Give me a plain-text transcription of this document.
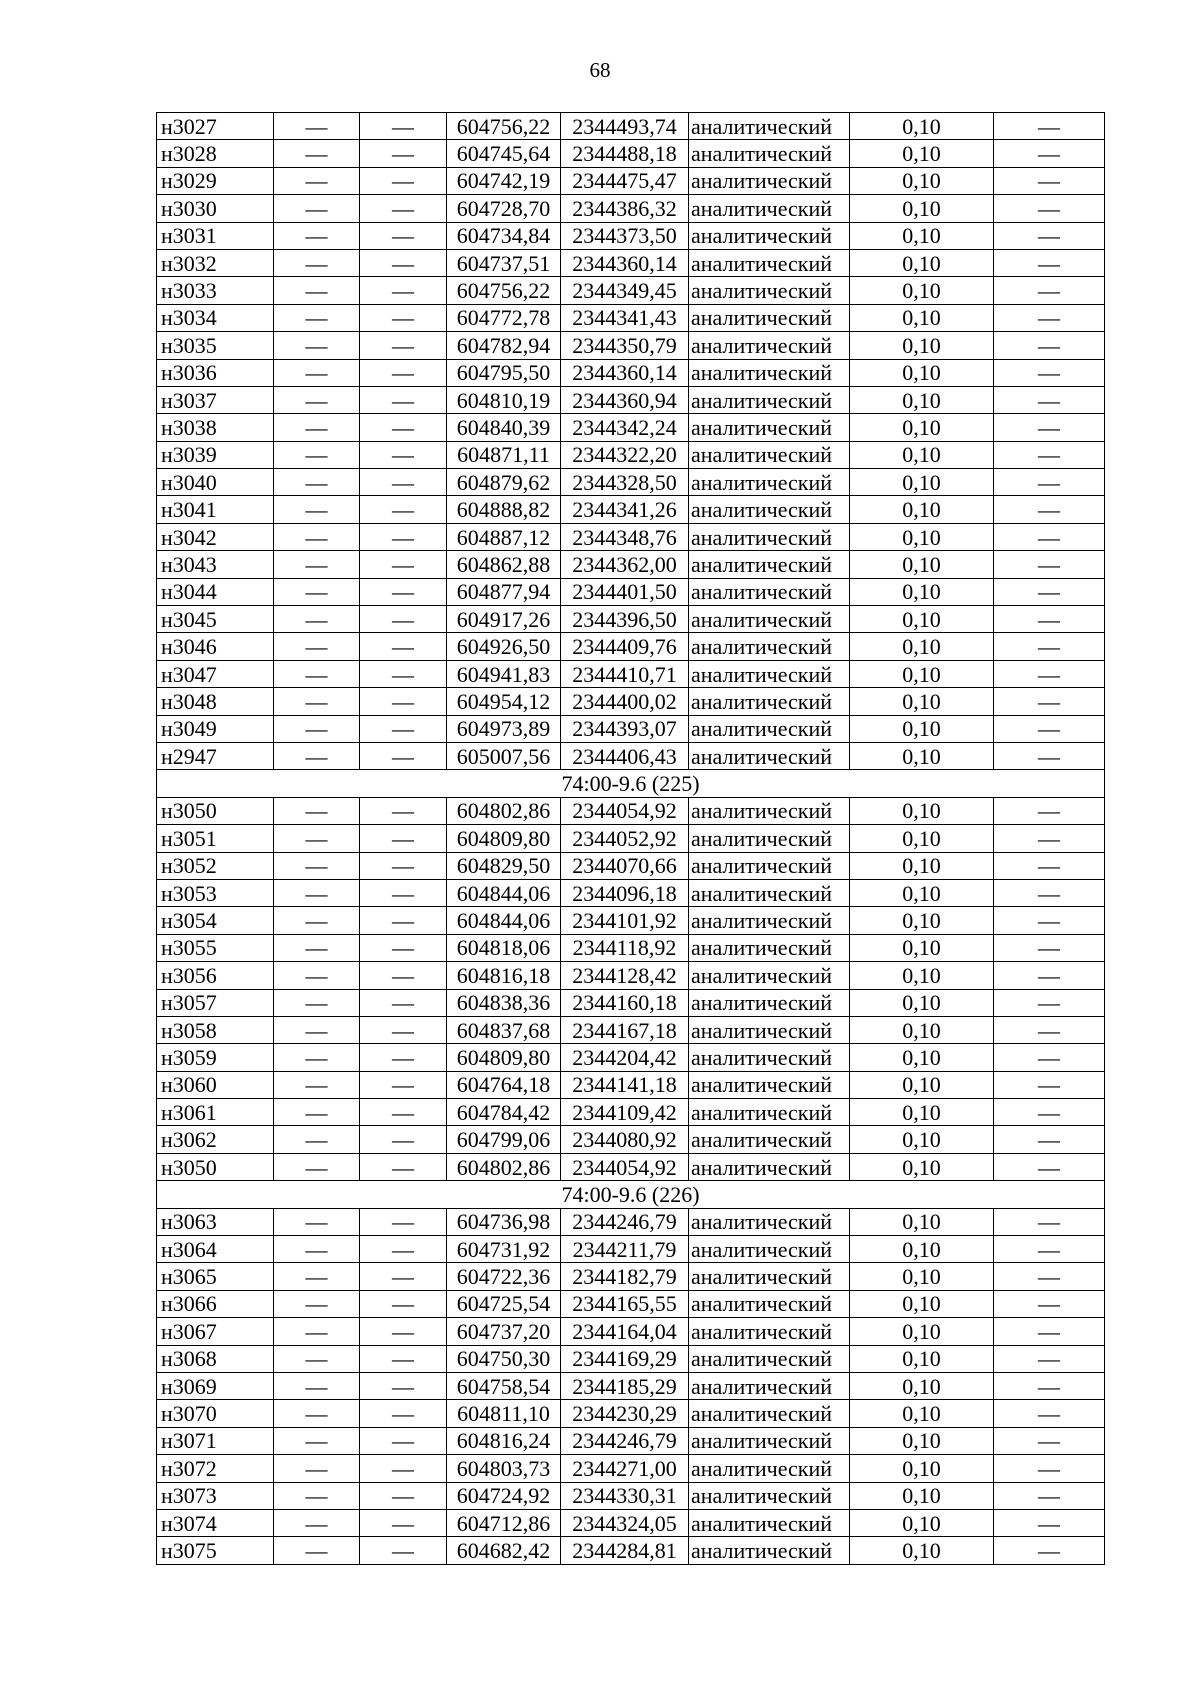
68
н3027	—	—	604756,22	2344493,74	аналитический	0,10	—
н3028	—	—	604745,64	2344488,18	аналитический	0,10	—
н3029	—	—	604742,19	2344475,47	аналитический	0,10	—
н3030	—	—	604728,70	2344386,32	аналитический	0,10	—
н3031	—	—	604734,84	2344373,50	аналитический	0,10	—
н3032	—	—	604737,51	2344360,14	аналитический	0,10	—
н3033	—	—	604756,22	2344349,45	аналитический	0,10	—
н3034	—	—	604772,78	2344341,43	аналитический	0,10	—
н3035	—	—	604782,94	2344350,79	аналитический	0,10	—
н3036	—	—	604795,50	2344360,14	аналитический	0,10	—
н3037	—	—	604810,19	2344360,94	аналитический	0,10	—
н3038	—	—	604840,39	2344342,24	аналитический	0,10	—
н3039	—	—	604871,11	2344322,20	аналитический	0,10	—
н3040	—	—	604879,62	2344328,50	аналитический	0,10	—
н3041	—	—	604888,82	2344341,26	аналитический	0,10	—
н3042	—	—	604887,12	2344348,76	аналитический	0,10	—
н3043	—	—	604862,88	2344362,00	аналитический	0,10	—
н3044	—	—	604877,94	2344401,50	аналитический	0,10	—
н3045	—	—	604917,26	2344396,50	аналитический	0,10	—
н3046	—	—	604926,50	2344409,76	аналитический	0,10	—
н3047	—	—	604941,83	2344410,71	аналитический	0,10	—
н3048	—	—	604954,12	2344400,02	аналитический	0,10	—
н3049	—	—	604973,89	2344393,07	аналитический	0,10	—
н2947	—	—	605007,56	2344406,43	аналитический	0,10	—
74:00-9.6 (225)							
н3050	—	—	604802,86	2344054,92	аналитический	0,10	—
н3051	—	—	604809,80	2344052,92	аналитический	0,10	—
н3052	—	—	604829,50	2344070,66	аналитический	0,10	—
н3053	—	—	604844,06	2344096,18	аналитический	0,10	—
н3054	—	—	604844,06	2344101,92	аналитический	0,10	—
н3055	—	—	604818,06	2344118,92	аналитический	0,10	—
н3056	—	—	604816,18	2344128,42	аналитический	0,10	—
н3057	—	—	604838,36	2344160,18	аналитический	0,10	—
н3058	—	—	604837,68	2344167,18	аналитический	0,10	—
н3059	—	—	604809,80	2344204,42	аналитический	0,10	—
н3060	—	—	604764,18	2344141,18	аналитический	0,10	—
н3061	—	—	604784,42	2344109,42	аналитический	0,10	—
н3062	—	—	604799,06	2344080,92	аналитический	0,10	—
н3050	—	—	604802,86	2344054,92	аналитический	0,10	—
74:00-9.6 (226)							
н3063	—	—	604736,98	2344246,79	аналитический	0,10	—
н3064	—	—	604731,92	2344211,79	аналитический	0,10	—
н3065	—	—	604722,36	2344182,79	аналитический	0,10	—
н3066	—	—	604725,54	2344165,55	аналитический	0,10	—
н3067	—	—	604737,20	2344164,04	аналитический	0,10	—
н3068	—	—	604750,30	2344169,29	аналитический	0,10	—
н3069	—	—	604758,54	2344185,29	аналитический	0,10	—
н3070	—	—	604811,10	2344230,29	аналитический	0,10	—
н3071	—	—	604816,24	2344246,79	аналитический	0,10	—
н3072	—	—	604803,73	2344271,00	аналитический	0,10	—
н3073	—	—	604724,92	2344330,31	аналитический	0,10	—
н3074	—	—	604712,86	2344324,05	аналитический	0,10	—
н3075	—	—	604682,42	2344284,81	аналитический	0,10	—
